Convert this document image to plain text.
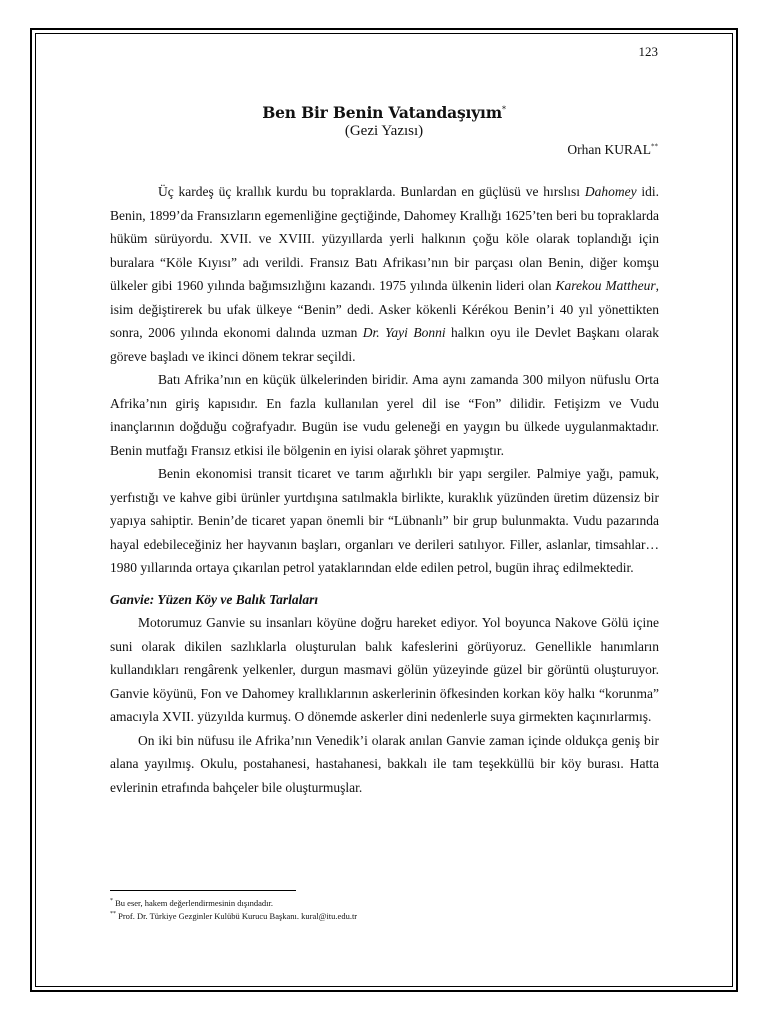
123
Ben Bir Benin Vatandaşıyım*
(Gezi Yazısı)
Orhan KURAL**

Üç kardeş üç krallık kurdu bu topraklarda. Bunlardan en güçlüsü ve hırslısı Dahomey idi. Benin, 1899’da Fransızların egemenliğine geçtiğinde, Dahomey Krallığı 1625’ten beri bu topraklarda hüküm sürüyordu. XVII. ve XVIII. yüzyıllarda yerli halkının çoğu köle olarak toplandığı için buralara “Köle Kıyısı” adı verildi. Fransız Batı Afrikası’nın bir parçası olan Benin, diğer komşu ülkeler gibi 1960 yılında bağımsızlığını kazandı. 1975 yılında ülkenin lideri olan Karekou Mattheur, isim değiştirerek bu ufak ülkeye “Benin” dedi. Asker kökenli Kérékou Benin’i 40 yıl yönettikten sonra, 2006 yılında ekonomi dalında uzman Dr. Yayi Bonni halkın oyu ile Devlet Başkanı olarak göreve başladı ve ikinci dönem tekrar seçildi.

Batı Afrika’nın en küçük ülkelerinden biridir. Ama aynı zamanda 300 milyon nüfuslu Orta Afrika’nın giriş kapısıdır. En fazla kullanılan yerel dil ise “Fon” dilidir. Fetişizm ve Vudu inançlarının doğduğu coğrafyadır. Bugün ise vudu geleneği en yaygın bu ülkede uygulanmaktadır. Benin mutfağı Fransız etkisi ile bölgenin en iyisi olarak şöhret yapmıştır.

Benin ekonomisi transit ticaret ve tarım ağırlıklı bir yapı sergiler. Palmiye yağı, pamuk, yerfıstığı ve kahve gibi ürünler yurtdışına satılmakla birlikte, kuraklık yüzünden üretim düzensiz bir yapıya sahiptir. Benin’de ticaret yapan önemli bir “Lübnanlı” bir grup bulunmakta. Vudu pazarında hayal edebileceğiniz her hayvanın başları, organları ve derileri satılıyor. Filler, aslanlar, timsahlar… 1980 yıllarında ortaya çıkarılan petrol yataklarından elde edilen petrol, bugün ihraç edilmektedir.

Ganvie: Yüzen Köy ve Balık Tarlaları

Motorumuz Ganvie su insanları köyüne doğru hareket ediyor. Yol boyunca Nakove Gölü içine suni olarak dikilen sazlıklarla oluşturulan balık kafeslerini görüyoruz. Genellikle hanımların kullandıkları rengârenk yelkenler, durgun masmavi gölün yüzeyinde güzel bir görüntü oluşturuyor. Ganvie köyünü, Fon ve Dahomey krallıklarının askerlerinin öfkesinden korkan köy halkı “korunma” amacıyla XVII. yüzyılda kurmuş. O dönemde askerler dini nedenlerle suya girmekten kaçınırlarmış.

On iki bin nüfusu ile Afrika’nın Venedik’i olarak anılan Ganvie zaman içinde oldukça geniş bir alana yayılmış. Okulu, postahanesi, hastahanesi, bakkalı ile tam teşekküllü bir köy burası. Hatta evlerinin etrafında bahçeler bile oluşturmuşlar.

* Bu eser, hakem değerlendirmesinin dışındadır.
** Prof. Dr. Türkiye Gezginler Kulübü Kurucu Başkanı. kural@itu.edu.tr
